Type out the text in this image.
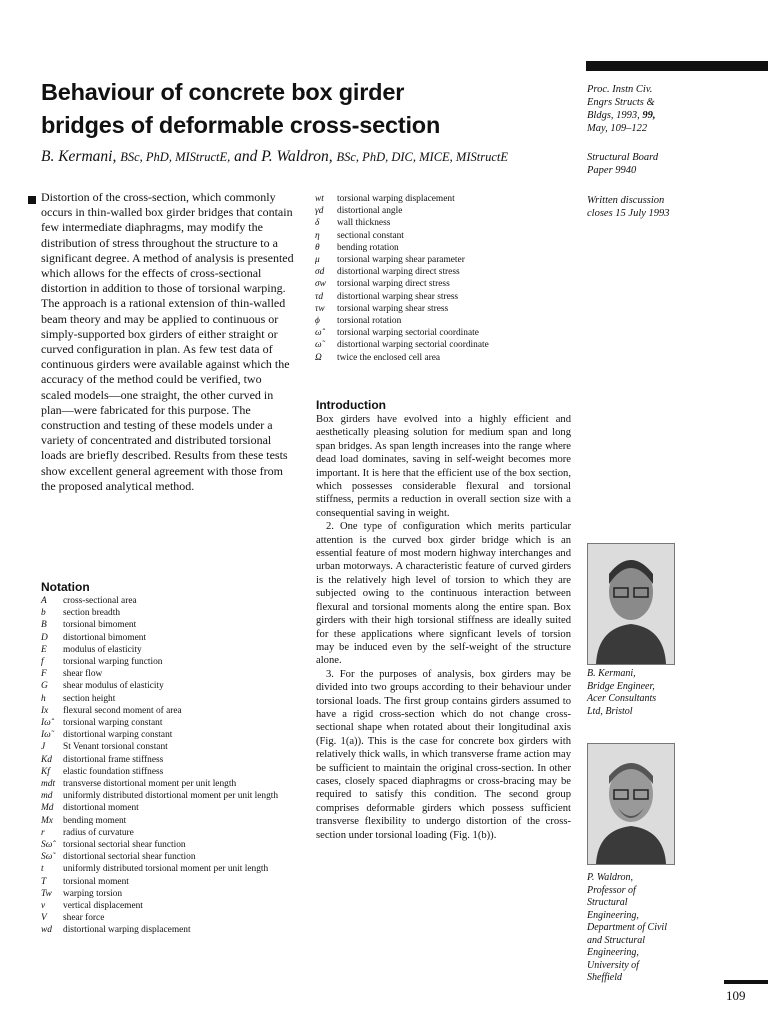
Behaviour of concrete box girder
bridges of deformable cross-section
B. Kermani, BSc, PhD, MIStructE, and P. Waldron, BSc, PhD, DIC, MICE, MIStructE
Proc. Instn Civ.
Engrs Structs &
Bldgs, 1993, 99,
May, 109–122
Structural Board
Paper 9940
Written discussion
closes 15 July 1993
Distortion of the cross-section, which commonly occurs in thin-walled box girder bridges that contain few intermediate diaphragms, may modify the distribution of stress throughout the structure to a significant degree. A method of analysis is presented which allows for the effects of cross-sectional distortion in addition to those of torsional warping. The approach is a rational extension of thin-walled beam theory and may be applied to continuous or simply-supported box girders of either straight or curved configuration in plan. As few test data of continuous girders were available against which the accuracy of the method could be verified, two scaled models—one straight, the other curved in plan—were fabricated for this purpose. The construction and testing of these models under a variety of concentrated and distributed torsional loads are briefly described. Results from these tests show excellent general agreement with those from the proposed analytical method.
Notation
A	cross-sectional area
b	section breadth
B	torsional bimoment
D	distortional bimoment
E	modulus of elasticity
f	torsional warping function
F	shear flow
G	shear modulus of elasticity
h	section height
Ix	flexural second moment of area
Iω̂	torsional warping constant
Iω̃	distortional warping constant
J	St Venant torsional constant
Kd	distortional frame stiffness
Kf	elastic foundation stiffness
mdt transverse distortional moment per unit length
md	uniformly distributed distortional moment per unit length
Md	distortional moment
Mx	bending moment
r	radius of curvature
Sω̂	torsional sectorial shear function
Sω̃	distortional sectorial shear function
t	uniformly distributed torsional moment per unit length
T	torsional moment
Tw	warping torsion
v	vertical displacement
V	shear force
wd	distortional warping displacement
wt	torsional warping displacement
γd	distortional angle
δ	wall thickness
η	sectional constant
θ	bending rotation
μ	torsional warping shear parameter
σd	distortional warping direct stress
σw	torsional warping direct stress
τd	distortional warping shear stress
τw	torsional warping shear stress
ϕ	torsional rotation
ω̂	torsional warping sectorial coordinate
ω̃	distortional warping sectorial coordinate
Ω	twice the enclosed cell area
Introduction

Box girders have evolved into a highly efficient and aesthetically pleasing solution for medium span and long span bridges. As span length increases into the range where dead load dominates, saving in self-weight becomes more important. It is here that the efficient use of the box section, which possesses considerable flexural and torsional stiffness, permits a reduction in overall section size with a consequential saving in weight.

2. One type of configuration which merits particular attention is the curved box girder bridge which is an essential feature of most modern highway interchanges and urban motorways. A characteristic feature of curved girders is the relatively high level of torsion to which they are subjected owing to the continuous interaction between flexural and torsional moments along the entire span. Box girders with their high torsional stiffness are ideally suited for these applications where signficant levels of torsion may be induced even by the self-weight of the structure alone.

3. For the purposes of analysis, box girders may be divided into two groups according to their behaviour under torsional loads. The first group contains girders assumed to have a rigid cross-section which do not change cross-sectional shape when rotated about their longitudinal axis (Fig. 1(a)). This is the case for concrete box girders with relatively thick walls, in which transverse frame action may be sufficient to maintain the original cross-section. In other cases, closely spaced diaphragms or cross-bracing may be required to satisfy this condition. The second group comprises deformable girders which possess sufficient transverse flexibility to undergo distortion of the cross-section under torsional loading (Fig. 1(b)).

B. Kermani,
Bridge Engineer,
Acer Consultants
Ltd, Bristol
P. Waldron,
Professor of
Structural
Engineering,
Department of Civil
and Structural
Engineering,
University of
Sheffield
109
